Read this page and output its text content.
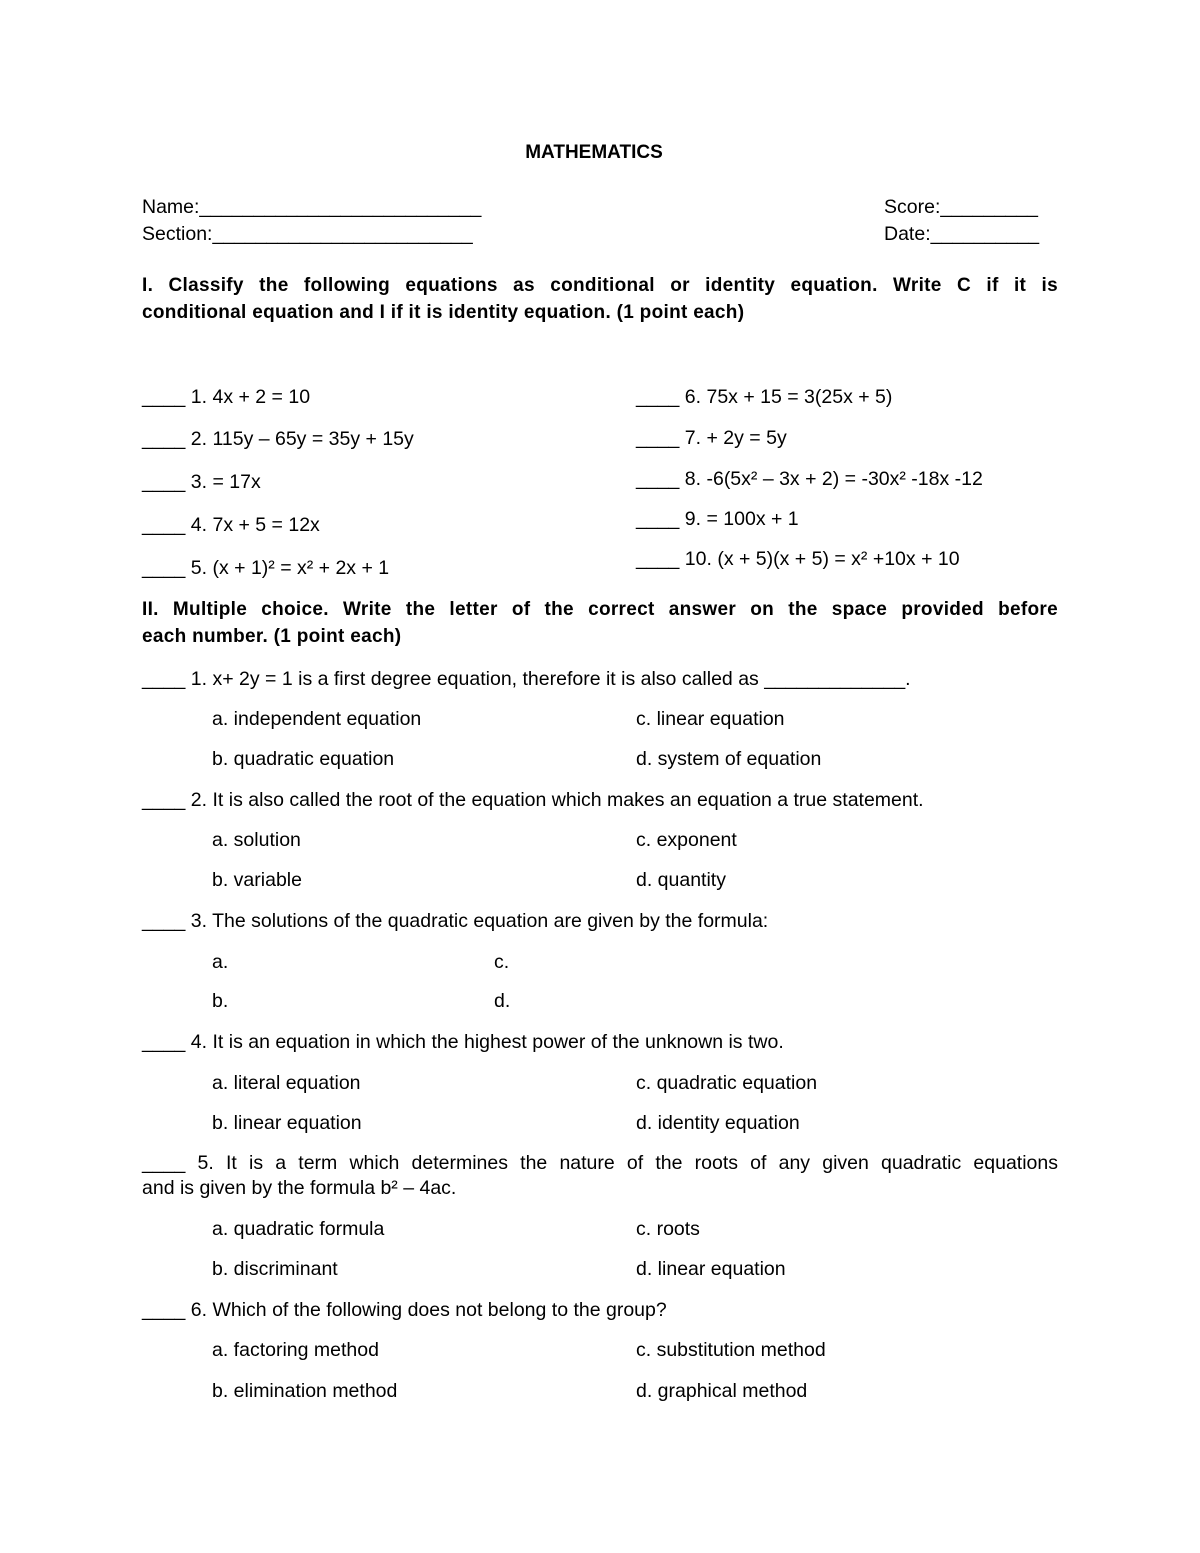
MATHEMATICS
Name:__________________________
Section:________________________
Score:_________
Date:__________
I. Classify the following equations as conditional or identity equation. Write C if it is
conditional equation and I if it is identity equation. (1 point each)
____ 1. 4x + 2 = 10
____ 2. 115y – 65y = 35y + 15y
____ 3. = 17x
____ 4. 7x + 5 = 12x
____ 5. (x + 1)² = x² + 2x + 1
____ 6. 75x + 15 = 3(25x + 5)
____ 7. + 2y = 5y
____ 8. -6(5x² – 3x + 2) = -30x² -18x -12
____ 9. = 100x + 1
____ 10. (x + 5)(x + 5) = x² +10x + 10
II. Multiple choice. Write the letter of the correct answer on the space provided before
each number. (1 point each)
____ 1. x+ 2y = 1 is a first degree equation, therefore it is also called as _____________.
a. independent equation
b. quadratic equation
c. linear equation
d. system of equation
____ 2. It is also called the root of the equation which makes an equation a true statement.
a. solution
b. variable
c. exponent
d. quantity
____ 3. The solutions of the quadratic equation are given by the formula:
a.
b.
c.
d.
____ 4. It is an equation in which the highest power of the unknown is two.
a. literal equation
b. linear equation
c. quadratic equation
d. identity equation
____ 5. It is a term which determines the nature of the roots of any given quadratic equations
and is given by the formula b² – 4ac.
a. quadratic formula
b. discriminant
c. roots
d. linear equation
____ 6. Which of the following does not belong to the group?
a. factoring method
b. elimination method
c. substitution method
d. graphical method
